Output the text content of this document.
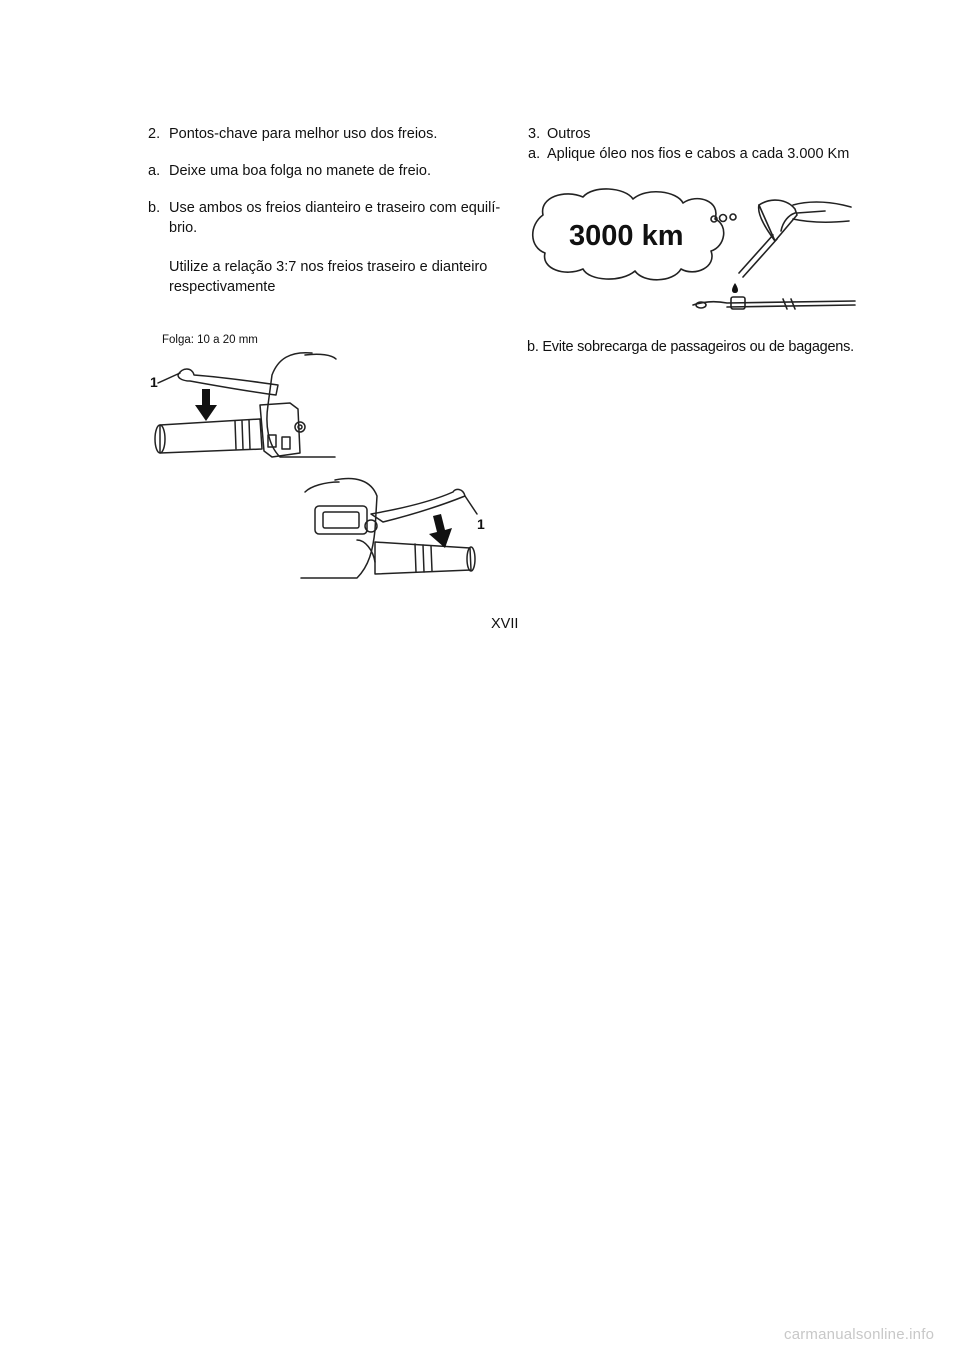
2. Pontos-chave para melhor uso dos freios.
a. Deixe uma boa folga no manete de freio.
b. Use ambos os freios dianteiro e traseiro com equilí-
brio.
Utilize a relação 3:7 nos freios traseiro e dianteiro
respectivamente
Folga: 10 a 20 mm
1
1
3. Outros
a. Aplique óleo nos fios e cabos a cada 3.000 Km
3000 km
b. Evite sobrecarga de passageiros ou de bagagens.
XVII
carmanualsonline.info
